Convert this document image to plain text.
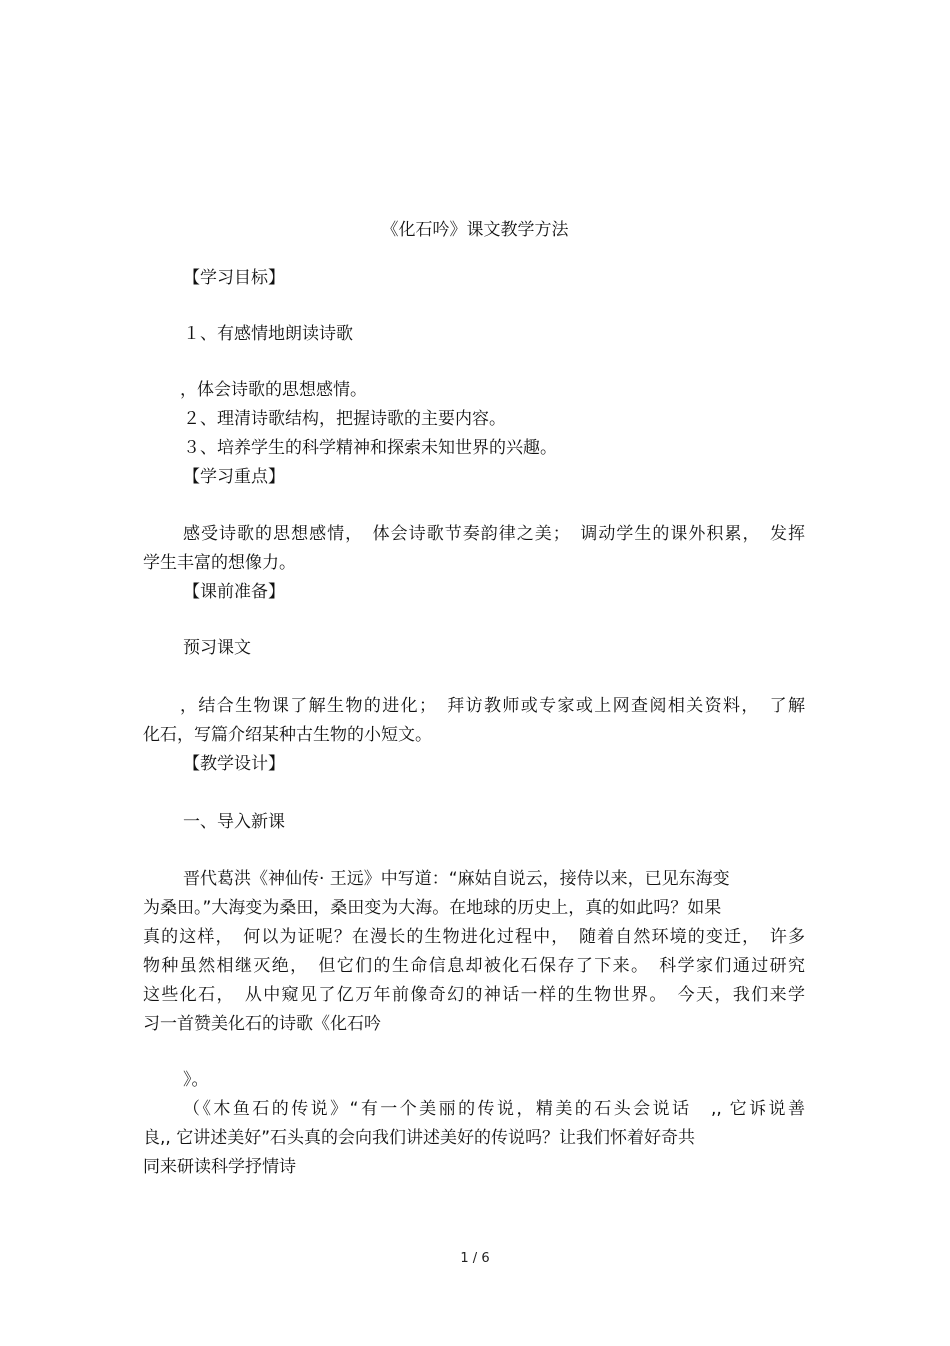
《化石吟》课文教学方法
【学习目标】
１、有感情地朗读诗歌
，体会诗歌的思想感情。
２、理清诗歌结构，把握诗歌的主要内容。
３、培养学生的科学精神和探索未知世界的兴趣。
【学习重点】
感受诗歌的思想感情，　体会诗歌节奏韵律之美；　调动学生的课外积累，　发挥
学生丰富的想像力。
【课前准备】
预习课文
，结合生物课了解生物的进化；　拜访教师或专家或上网查阅相关资料，　了解
化石，写篇介绍某种古生物的小短文。
【教学设计】
一、导入新课
晋代葛洪《神仙传· 王远》中写道：“麻姑自说云，接侍以来，已见东海变
为桑田。”大海变为桑田，桑田变为大海。在地球的历史上，真的如此吗？如果
真的这样，　何以为证呢？在漫长的生物进化过程中，　随着自然环境的变迁，　许多
物种虽然相继灭绝，　但它们的生命信息却被化石保存了下来。　科学家们通过研究
这些化石，　从中窥见了亿万年前像奇幻的神话一样的生物世界。　今天，我们来学
习一首赞美化石的诗歌《化石吟
》。
（《木鱼石的传说》“有一个美丽的传说，精美的石头会说话　,, 它诉说善
良,, 它讲述美好”石头真的会向我们讲述美好的传说吗？让我们怀着好奇共
同来研读科学抒情诗
1 / 6
